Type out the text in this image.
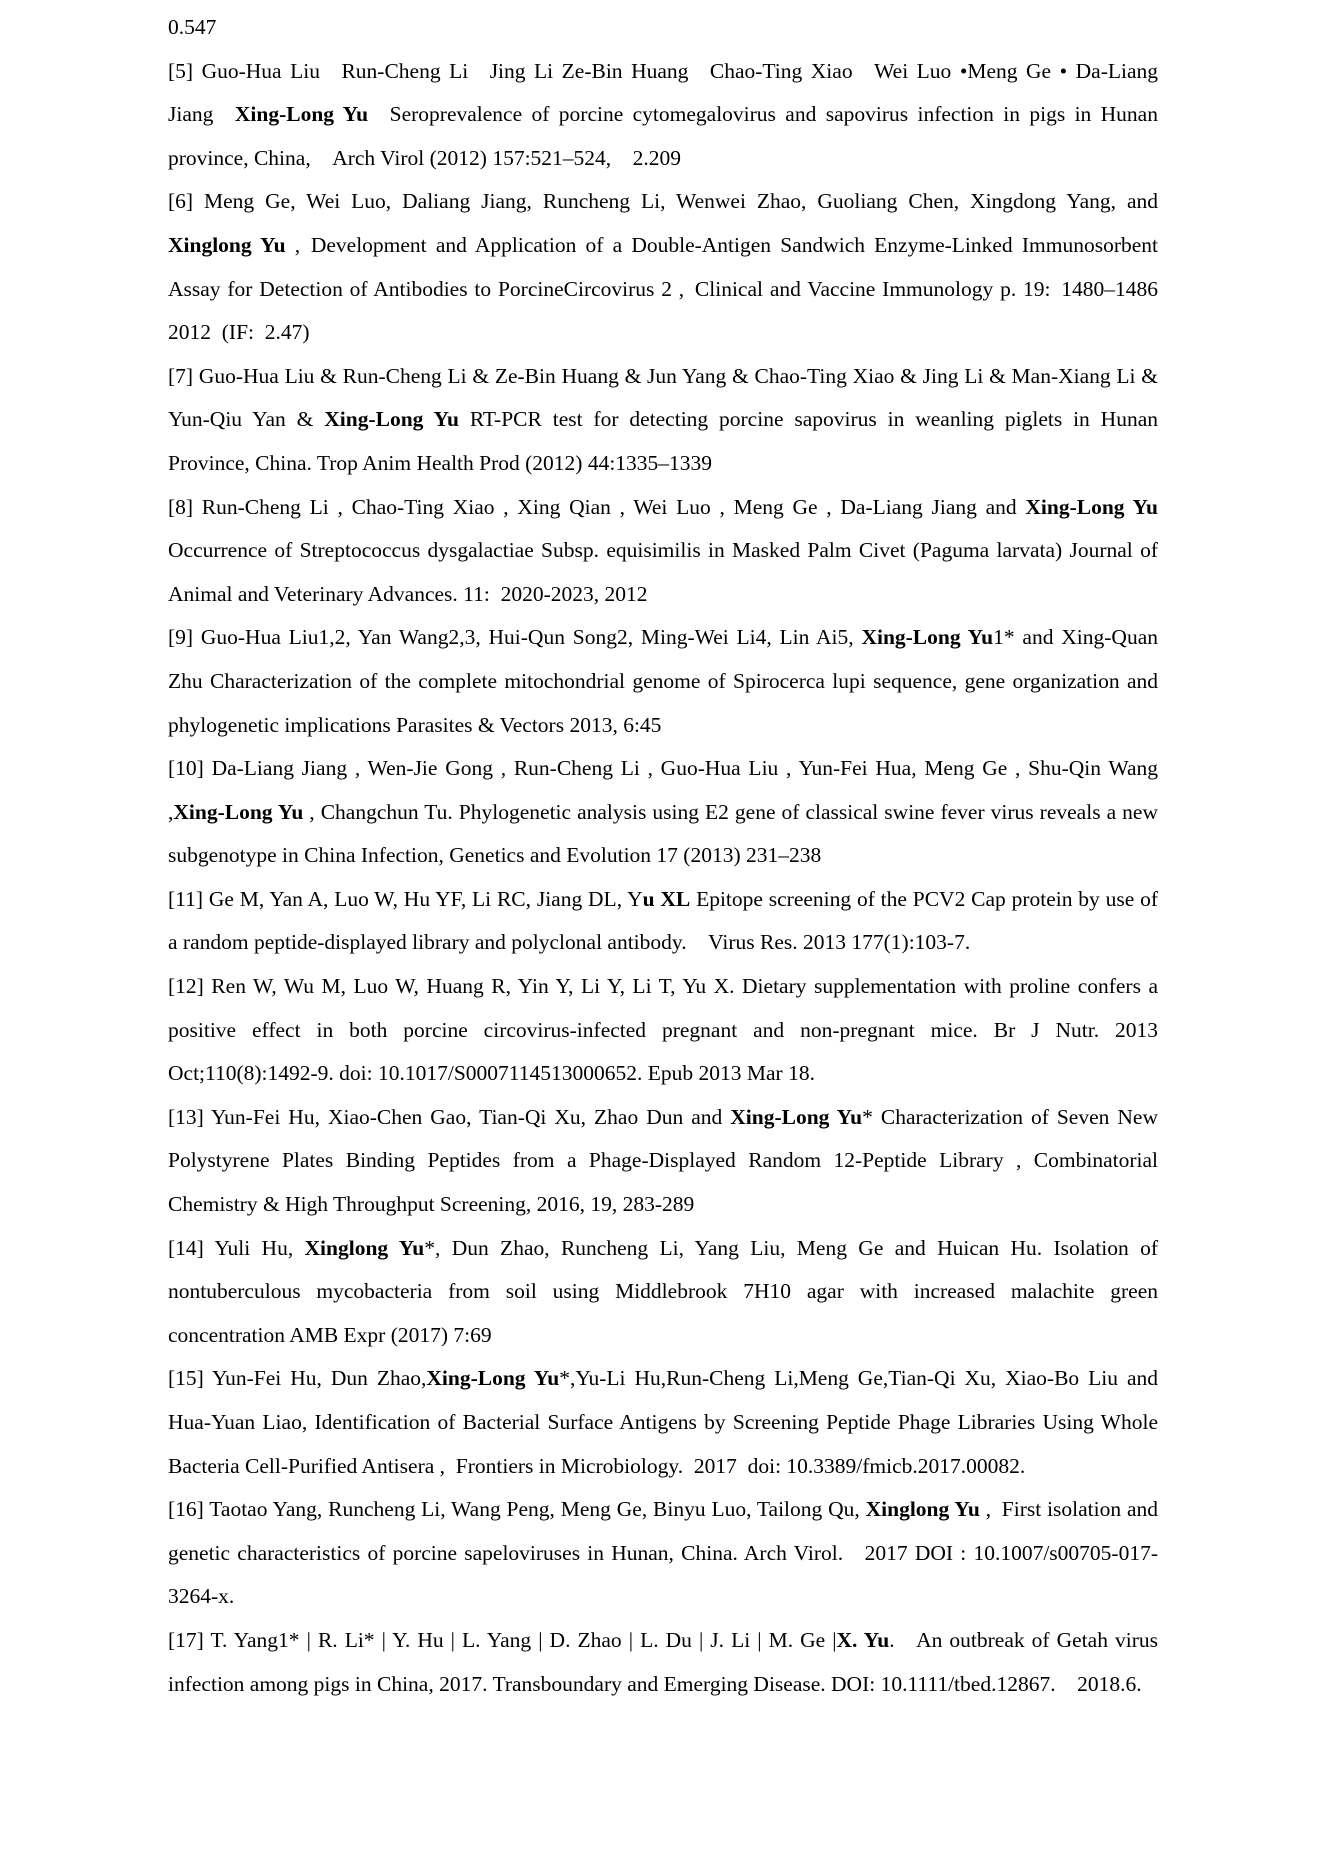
0.547

[5] Guo-Hua Liu  Run-Cheng Li  Jing Li Ze-Bin Huang  Chao-Ting Xiao  Wei Luo •Meng Ge • Da-Liang Jiang  Xing-Long Yu  Seroprevalence of porcine cytomegalovirus and sapovirus infection in pigs in Hunan province, China,  Arch Virol (2012) 157:521–524,  2.209

[6] Meng Ge, Wei Luo, Daliang Jiang, Runcheng Li, Wenwei Zhao, Guoliang Chen, Xingdong Yang, and Xinglong Yu , Development and Application of a Double-Antigen Sandwich Enzyme-Linked Immunosorbent Assay for Detection of Antibodies to PorcineCircovirus 2 , Clinical and Vaccine Immunology p. 19: 1480–1486 2012 (IF: 2.47)

[7] Guo-Hua Liu & Run-Cheng Li & Ze-Bin Huang & Jun Yang & Chao-Ting Xiao & Jing Li & Man-Xiang Li & Yun-Qiu Yan & Xing-Long Yu RT-PCR test for detecting porcine sapovirus in weanling piglets in Hunan Province, China. Trop Anim Health Prod (2012) 44:1335–1339

[8] Run-Cheng Li , Chao-Ting Xiao , Xing Qian , Wei Luo , Meng Ge , Da-Liang Jiang and Xing-Long Yu Occurrence of Streptococcus dysgalactiae Subsp. equisimilis in Masked Palm Civet (Paguma larvata) Journal of Animal and Veterinary Advances. 11: 2020-2023, 2012

[9] Guo-Hua Liu1,2, Yan Wang2,3, Hui-Qun Song2, Ming-Wei Li4, Lin Ai5, Xing-Long Yu1* and Xing-Quan Zhu Characterization of the complete mitochondrial genome of Spirocerca lupi sequence, gene organization and phylogenetic implications Parasites & Vectors 2013, 6:45

[10] Da-Liang Jiang , Wen-Jie Gong , Run-Cheng Li , Guo-Hua Liu , Yun-Fei Hua, Meng Ge , Shu-Qin Wang ,Xing-Long Yu , Changchun Tu. Phylogenetic analysis using E2 gene of classical swine fever virus reveals a new subgenotype in China Infection, Genetics and Evolution 17 (2013) 231–238

[11] Ge M, Yan A, Luo W, Hu YF, Li RC, Jiang DL, Yu XL Epitope screening of the PCV2 Cap protein by use of a random peptide-displayed library and polyclonal antibody.  Virus Res. 2013 177(1):103-7.

[12] Ren W, Wu M, Luo W, Huang R, Yin Y, Li Y, Li T, Yu X. Dietary supplementation with proline confers a positive effect in both porcine circovirus-infected pregnant and non-pregnant mice. Br J Nutr. 2013 Oct;110(8):1492-9. doi: 10.1017/S0007114513000652. Epub 2013 Mar 18.

[13] Yun-Fei Hu, Xiao-Chen Gao, Tian-Qi Xu, Zhao Dun and Xing-Long Yu* Characterization of Seven New Polystyrene Plates Binding Peptides from a Phage-Displayed Random 12-Peptide Library , Combinatorial Chemistry & High Throughput Screening, 2016, 19, 283-289

[14] Yuli Hu, Xinglong Yu*, Dun Zhao, Runcheng Li, Yang Liu, Meng Ge and Huican Hu. Isolation of nontuberculous mycobacteria from soil using Middlebrook 7H10 agar with increased malachite green concentration AMB Expr (2017) 7:69

[15] Yun-Fei Hu, Dun Zhao,Xing-Long Yu*,Yu-Li Hu,Run-Cheng Li,Meng Ge,Tian-Qi Xu, Xiao-Bo Liu and Hua-Yuan Liao, Identification of Bacterial Surface Antigens by Screening Peptide Phage Libraries Using Whole Bacteria Cell-Purified Antisera , Frontiers in Microbiology. 2017 doi: 10.3389/fmicb.2017.00082.

[16] Taotao Yang, Runcheng Li, Wang Peng, Meng Ge, Binyu Luo, Tailong Qu, Xinglong Yu , First isolation and genetic characteristics of porcine sapeloviruses in Hunan, China. Arch Virol.  2017 DOI : 10.1007/s00705-017-3264-x.

[17] T. Yang1* | R. Li* | Y. Hu | L. Yang | D. Zhao | L. Du | J. Li | M. Ge |X. Yu.  An outbreak of Getah virus infection among pigs in China, 2017. Transboundary and Emerging Disease. DOI: 10.1111/tbed.12867.  2018.6.
